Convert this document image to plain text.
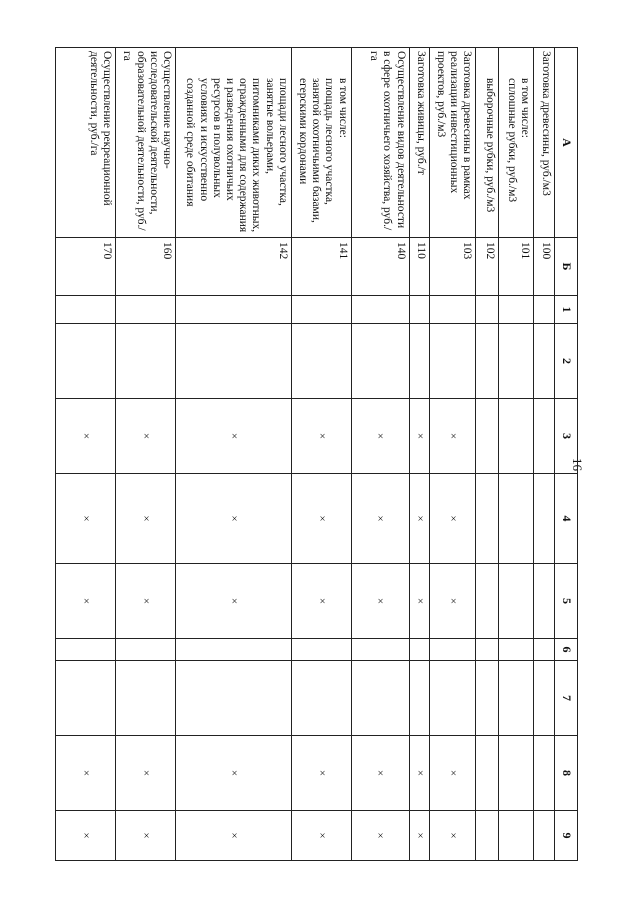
16
А	Б	1	2	3	4	5	6	7	8	9
Заготовка древесины, руб./м3	100									
в том числе:
сплошные рубки, руб./м3	101									
выборочные рубки, руб./м3	102									
Заготовка древесины в рамках реализации инвестиционных проектов, руб./м3	103			×	×	×			×	×
Заготовка живицы, руб./т	110			×	×	×			×	×
Осуществление видов деятельности в сфере охотничьего хозяйства, руб./га	140			×	×	×			×	×
в том числе:
площадь лесного участка, занятой охотничьими базами, егерскими кордонами	141			×	×	×			×	×
площади лесного участка, занятые вольерами, питомниками диких животных, огражденными для содержания и разведения охотничьих ресурсов в полувольных условиях и искусственно созданной среде обитания	142			×	×	×			×	×
Осуществление научно-исследовательской деятельности, образовательной деятельности, руб./га	160			×	×	×			×	×
Осуществление рекреационной деятельности, руб./га	170			×	×	×			×	×
